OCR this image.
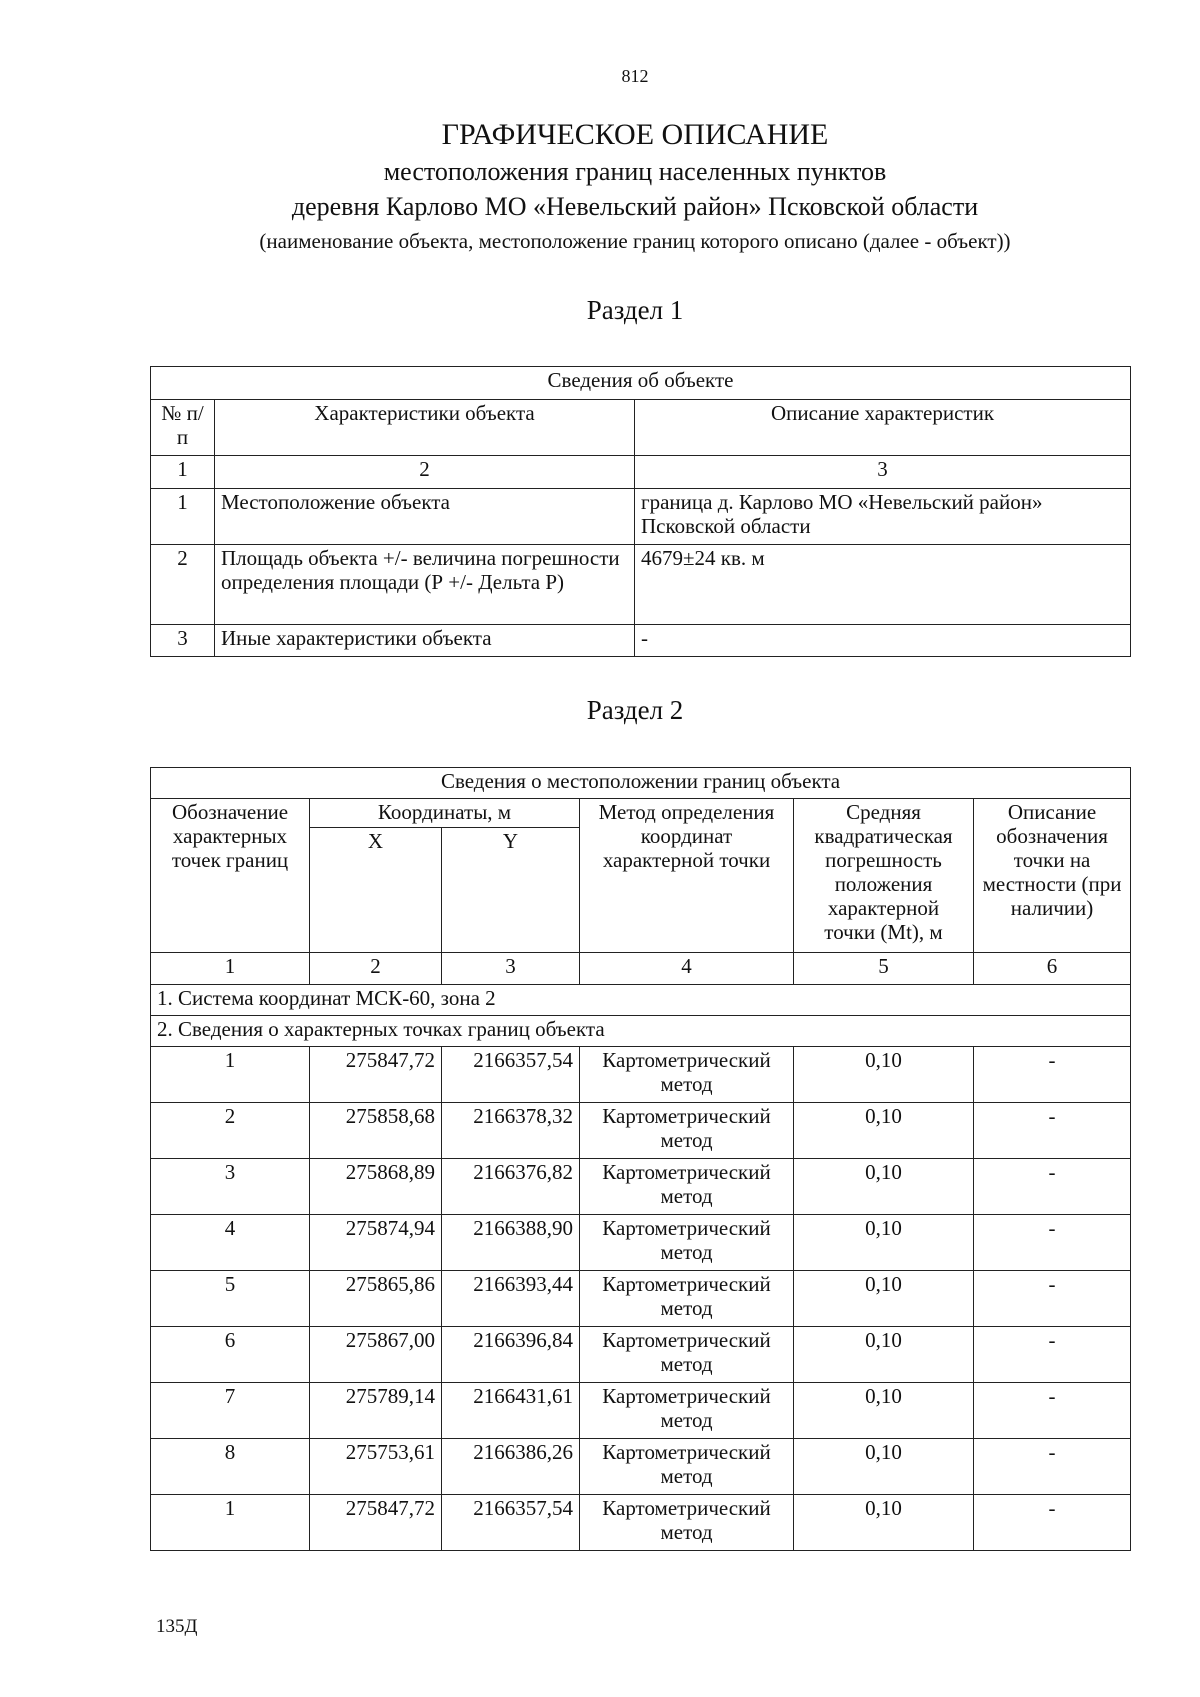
812
ГРАФИЧЕСКОЕ ОПИСАНИЕ
местоположения границ населенных пунктов
деревня Карлово МО «Невельский район» Псковской области
(наименование объекта, местоположение границ которого описано (далее - объект))
Раздел 1
Сведения об объекте		
№ п/п	Характеристики объекта	Описание характеристик
1	2	3
1	Местоположение объекта	граница д. Карлово МО «Невельский район» Псковской области
2	Площадь объекта +/- величина погрешности определения площади (Р +/- Дельта Р)	4679±24 кв. м
3	Иные характеристики объекта	-
Раздел 2
Сведения о местоположении границ объекта					
Обозначение характерных точек границ	Координаты, м		Метод определения координат характерной точки	Средняя квадратическая погрешность положения характерной точки (Mt), м	Описание обозначения точки на местности (при наличии)
	X	Y			
1	2	3	4	5	6
1. Система координат МСК-60, зона 2					
2. Сведения о характерных точках границ объекта					
1	275847,72	2166357,54	Картометрический метод	0,10	-
2	275858,68	2166378,32	Картометрический метод	0,10	-
3	275868,89	2166376,82	Картометрический метод	0,10	-
4	275874,94	2166388,90	Картометрический метод	0,10	-
5	275865,86	2166393,44	Картометрический метод	0,10	-
6	275867,00	2166396,84	Картометрический метод	0,10	-
7	275789,14	2166431,61	Картометрический метод	0,10	-
8	275753,61	2166386,26	Картометрический метод	0,10	-
1	275847,72	2166357,54	Картометрический метод	0,10	-
135Д
